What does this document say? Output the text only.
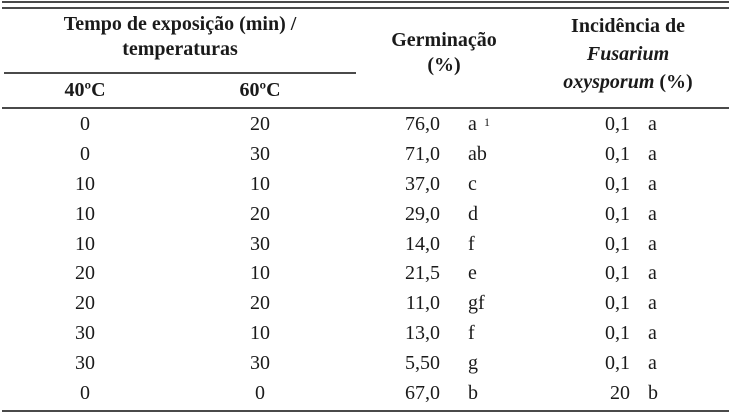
Tempo de exposição (min) /
temperaturas
40ºC	60ºC
Germinação
(%)
Incidência de
Fusarium
oxysporum (%)
0	20	76,0 a 1	0,1 a
0	30	71,0 ab	0,1 a
10	10	37,0 c	0,1 a
10	20	29,0 d	0,1 a
10	30	14,0 f	0,1 a
20	10	21,5 e	0,1 a
20	20	11,0 gf	0,1 a
30	10	13,0 f	0,1 a
30	30	5,50 g	0,1 a
0	0	67,0 b	20 b
